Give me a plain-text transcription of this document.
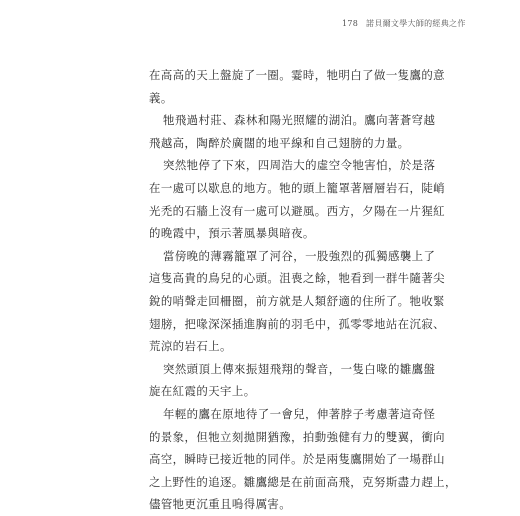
178 諾貝爾文學大師的經典之作
在高高的天上盤旋了一圈。霎時，牠明白了做一隻鷹的意
義。
牠飛過村莊、森林和陽光照耀的湖泊。鷹向著蒼穹越
飛越高，陶醉於廣闊的地平線和自己翅膀的力量。
突然牠停了下來，四周浩大的虛空令牠害怕，於是落
在一處可以歇息的地方。牠的頭上籠罩著層層岩石，陡峭
光禿的石牆上沒有一處可以避風。西方，夕陽在一片猩紅
的晚霞中，預示著風暴與暗夜。
當傍晚的薄霧籠罩了河谷，一股強烈的孤獨感襲上了
這隻高貴的鳥兒的心頭。沮喪之餘，牠看到一群牛隨著尖
銳的哨聲走回柵圈，前方就是人類舒適的住所了。牠收緊
翅膀，把喙深深插進胸前的羽毛中，孤零零地站在沉寂、
荒涼的岩石上。
突然頭頂上傳來振翅飛翔的聲音，一隻白喙的雛鷹盤
旋在紅霞的天宇上。
年輕的鷹在原地待了一會兒，伸著脖子考慮著這奇怪
的景象，但牠立刻拋開猶豫，拍動強健有力的雙翼，衝向
高空，瞬時已接近牠的同伴。於是兩隻鷹開始了一場群山
之上野性的追逐。雛鷹總是在前面高飛，克努斯盡力趕上，
儘管牠更沉重且嗚得厲害。
